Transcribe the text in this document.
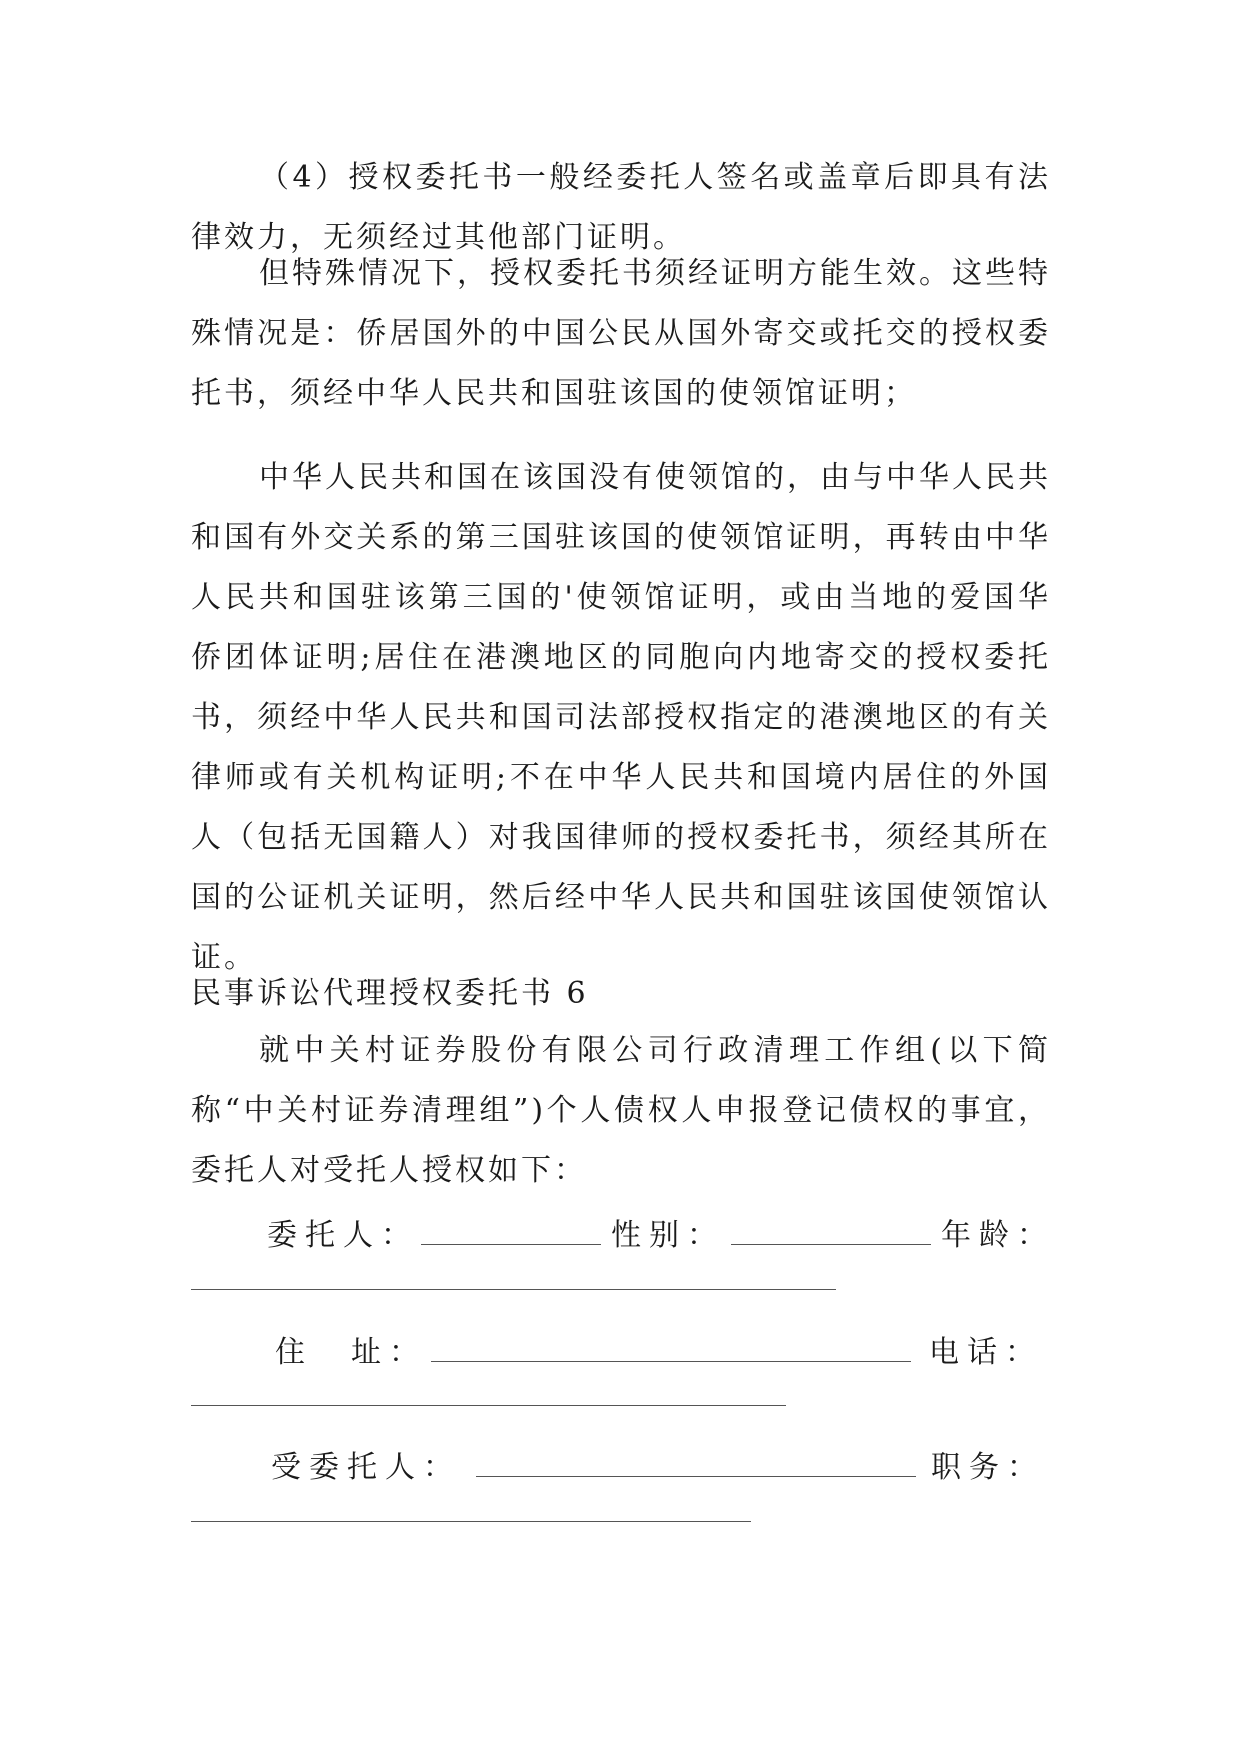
（4）授权委托书一般经委托人签名或盖章后即具有法律效力，无须经过其他部门证明。

但特殊情况下，授权委托书须经证明方能生效。这些特殊情况是：侨居国外的中国公民从国外寄交或托交的授权委托书，须经中华人民共和国驻该国的使领馆证明；

中华人民共和国在该国没有使领馆的，由与中华人民共和国有外交关系的第三国驻该国的使领馆证明，再转由中华人民共和国驻该第三国的'使领馆证明，或由当地的爱国华侨团体证明;居住在港澳地区的同胞向内地寄交的授权委托书，须经中华人民共和国司法部授权指定的港澳地区的有关律师或有关机构证明;不在中华人民共和国境内居住的外国人（包括无国籍人）对我国律师的授权委托书，须经其所在国的公证机关证明，然后经中华人民共和国驻该国使领馆认证。

民事诉讼代理授权委托书 6

就中关村证券股份有限公司行政清理工作组(以下简称“中关村证券清理组”)个人债权人申报登记债权的事宜，委托人对受托人授权如下：

委托人：	性别：	年龄：
住　址：	电话：
受委托人：	职务：
